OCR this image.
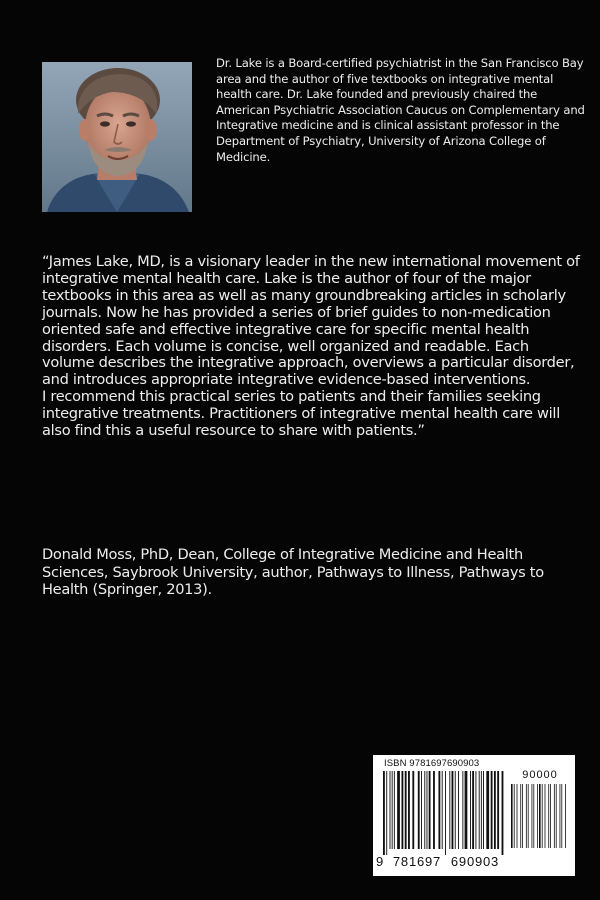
Dr. Lake is a Board-certified psychiatrist in the San Francisco Bay area and the author of five textbooks on integrative mental health care. Dr. Lake founded and previously chaired the American Psychiatric Association Caucus on Complementary and Integrative medicine and is clinical assistant professor in the Department of Psychiatry, University of Arizona College of Medicine.

“James Lake, MD, is a visionary leader in the new international movement of integrative mental health care. Lake is the author of four of the major textbooks in this area as well as many groundbreaking articles in scholarly journals. Now he has provided a series of brief guides to non-medication oriented safe and effective integrative care for specific mental health disorders. Each volume is concise, well organized and readable. Each volume describes the integrative approach, overviews a particular disorder, and introduces appropriate integrative evidence-based interventions.

I recommend this practical series to patients and their families seeking integrative treatments. Practitioners of integrative mental health care will also find this a useful resource to share with patients.”

Donald Moss, PhD, Dean, College of Integrative Medicine and Health Sciences, Saybrook University, author, Pathways to Illness, Pathways to Health (Springer, 2013).

ISBN 9781697690903
90000
9 781697 690903
